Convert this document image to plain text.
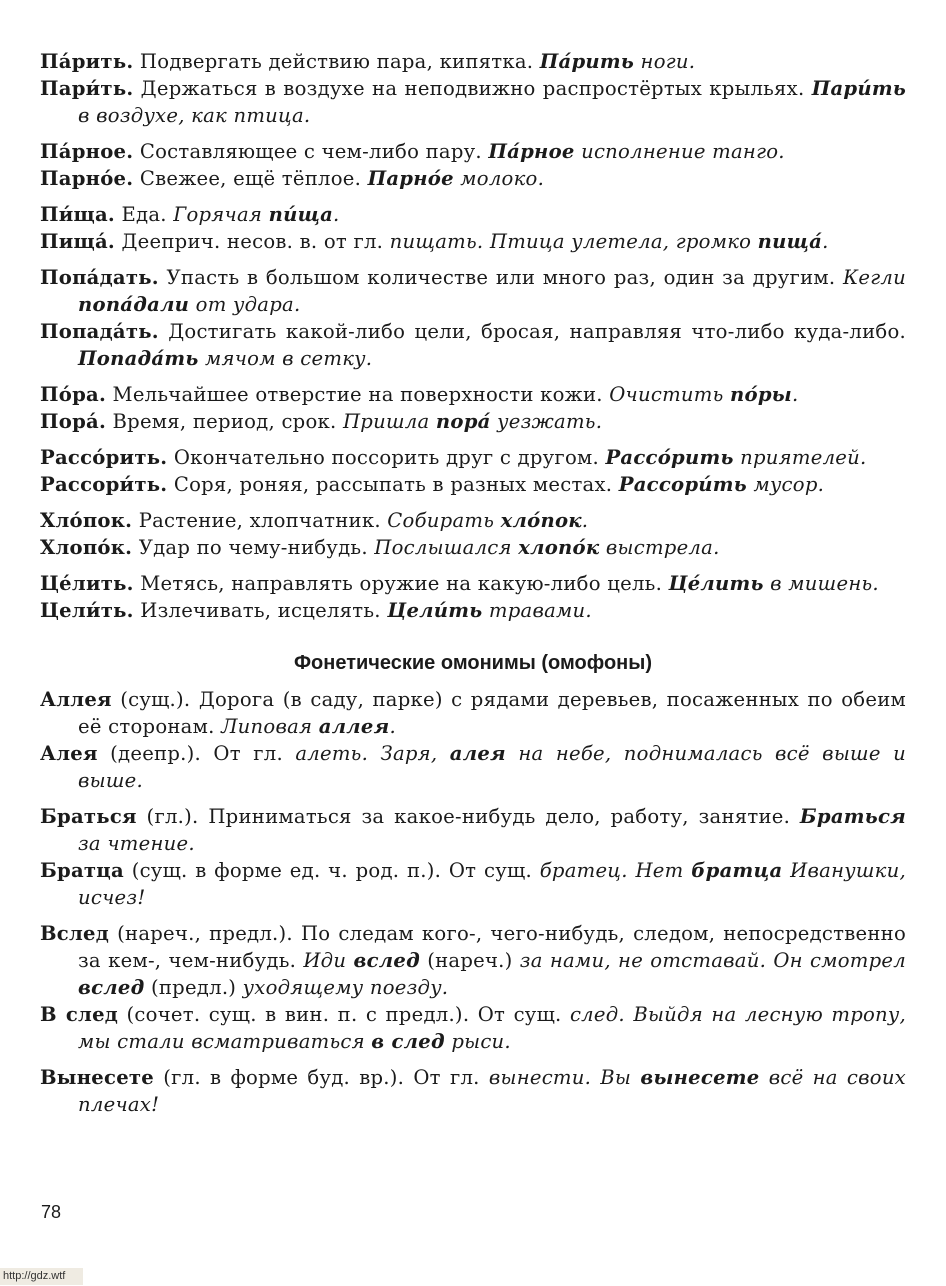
Па́рить. Подвергать действию пара, кипятка. Па́рить ноги.

Пари́ть. Держаться в воздухе на неподвижно распростёртых крыльях. Пари́ть в воздухе, как птица.

Па́рное. Составляющее с чем-либо пару. Па́рное исполнение танго.

Парно́е. Свежее, ещё тёплое. Парно́е молоко.

Пи́ща. Еда. Горячая пи́ща.

Пища́. Дееприч. несов. в. от гл. пищать. Птица улетела, громко пища́.

Попа́дать. Упасть в большом количестве или много раз, один за другим. Кегли попа́дали от удара.

Попада́ть. Достигать какой-либо цели, бросая, направляя что-либо куда-либо. Попада́ть мячом в сетку.

По́ра. Мельчайшее отверстие на поверхности кожи. Очистить по́ры.

Пора́. Время, период, срок. Пришла пора́ уезжать.

Рассо́рить. Окончательно поссорить друг с другом. Рассо́рить приятелей.

Рассори́ть. Соря, роняя, рассыпать в разных местах. Рассори́ть мусор.

Хло́пок. Растение, хлопчатник. Собирать хло́пок.

Хлопо́к. Удар по чему-нибудь. Послышался хлопо́к выстрела.

Це́лить. Метясь, направлять оружие на какую-либо цель. Це́лить в мишень.

Цели́ть. Излечивать, исцелять. Цели́ть травами.

Фонетические омонимы (омофоны)

Аллея (сущ.). Дорога (в саду, парке) с рядами деревьев, посаженных по обеим её сторонам. Липовая аллея.

Алея (деепр.). От гл. алеть. Заря, алея на небе, поднималась всё выше и выше.

Браться (гл.). Приниматься за какое-нибудь дело, работу, занятие. Браться за чтение.

Братца (сущ. в форме ед. ч. род. п.). От сущ. братец. Нет братца Иванушки, исчез!

Вслед (нареч., предл.). По следам кого-, чего-нибудь, следом, непосредственно за кем-, чем-нибудь. Иди вслед (нареч.) за нами, не отставай. Он смотрел вслед (предл.) уходящему поезду.

В след (сочет. сущ. в вин. п. с предл.). От сущ. след. Выйдя на лесную тропу, мы стали всматриваться в след рыси.

Вынесете (гл. в форме буд. вр.). От гл. вынести. Вы вынесете всё на своих плечах!

78
http://gdz.wtf
